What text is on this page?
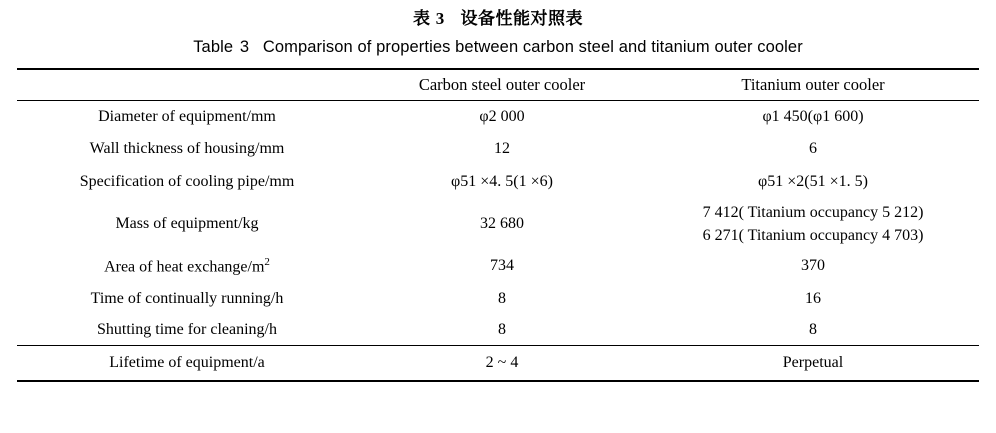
表 3 设备性能对照表
Table 3 Comparison of properties between carbon steel and titanium outer cooler

	Carbon steel outer cooler	Titanium outer cooler

Diameter of equipment/mm	φ2 000	φ1 450(φ1 600)
Wall thickness of housing/mm	12	6
Specification of cooling pipe/mm	φ51 ×4. 5(1 ×6)	φ51 ×2(51 ×1. 5)
Mass of equipment/kg	32 680	7 412( Titanium occupancy 5 212)
6 271( Titanium occupancy 4 703)

Area of heat exchange/$m^2$	734	370
Time of continually running/h	8	16
Shutting time for cleaning/h	8	8

Lifetime of equipment/a	2 ~ 4	Perpetual
